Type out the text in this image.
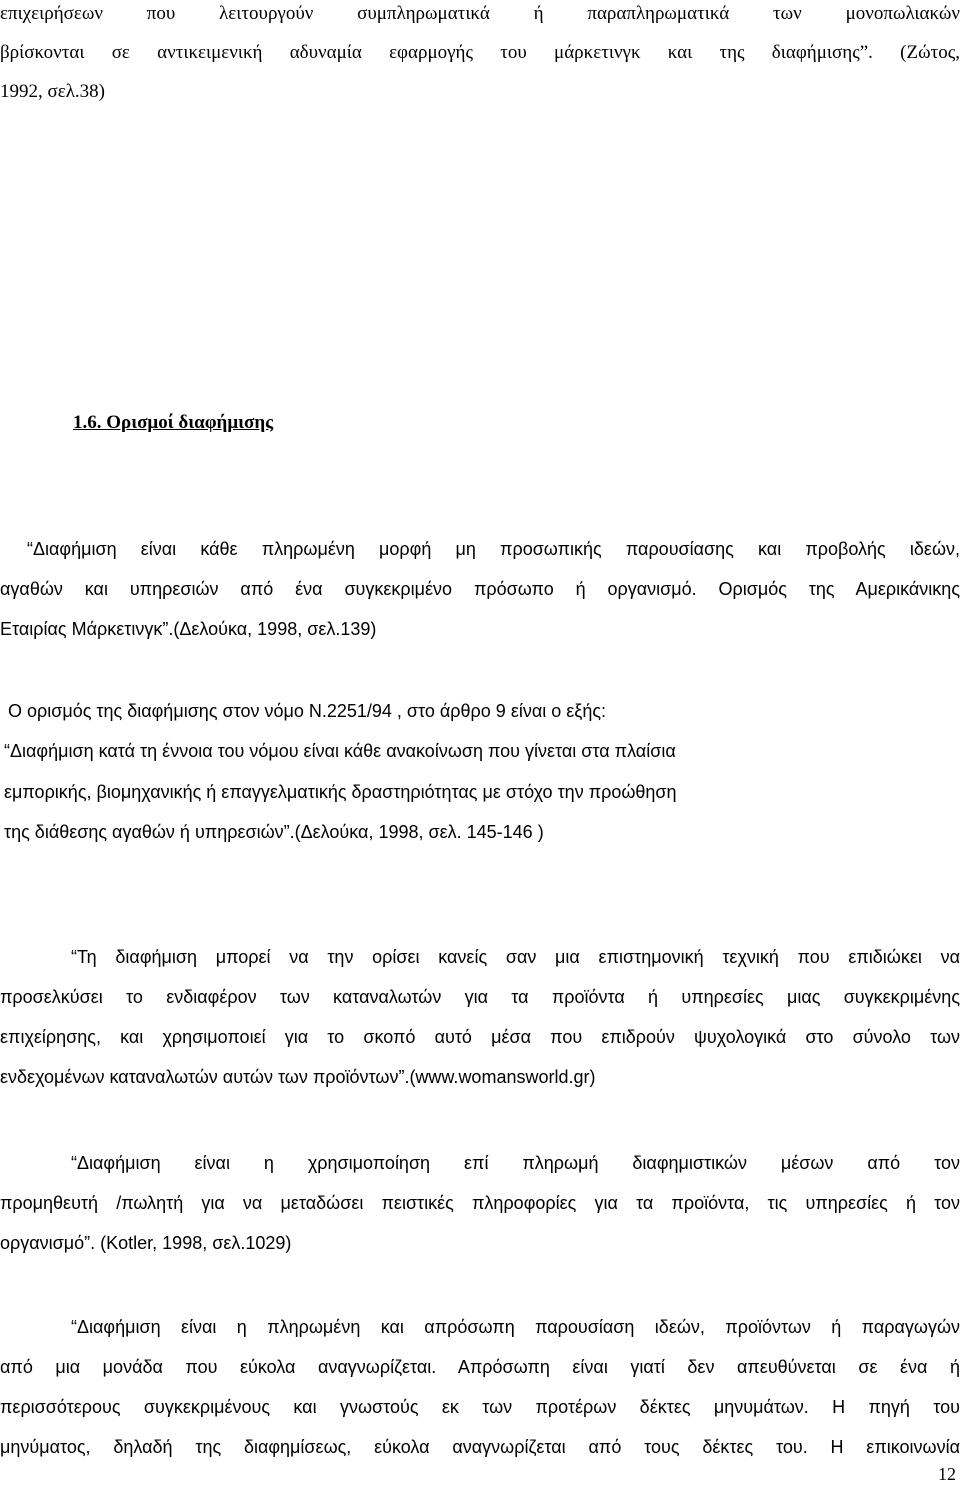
επιχειρήσεων που λειτουργούν συμπληρωματικά ή παραπληρωματικά των μονοπωλιακών
βρίσκονται σε αντικειμενική αδυναμία εφαρμογής του μάρκετινγκ και της διαφήμισης”. (Ζώτος,
1992, σελ.38)
1.6. Ορισμοί διαφήμισης
“Διαφήμιση είναι κάθε πληρωμένη μορφή μη προσωπικής παρουσίασης και προβολής ιδεών,
αγαθών και υπηρεσιών από ένα συγκεκριμένο πρόσωπο ή οργανισμό. Ορισμός της Αμερικάνικης
Εταιρίας Μάρκετινγκ”.(Δελούκα, 1998, σελ.139)
Ο ορισμός της διαφήμισης στον νόμο Ν.2251/94 , στο άρθρο 9 είναι ο εξής:
“Διαφήμιση κατά τη έννοια του νόμου είναι κάθε ανακοίνωση που γίνεται στα πλαίσια
εμπορικής, βιομηχανικής ή επαγγελματικής δραστηριότητας με στόχο την προώθηση
της διάθεσης αγαθών ή υπηρεσιών”.(Δελούκα, 1998, σελ. 145-146 )
“Τη διαφήμιση μπορεί να την ορίσει κανείς σαν μια επιστημονική τεχνική που επιδιώκει να
προσελκύσει το ενδιαφέρον των καταναλωτών για τα προϊόντα ή υπηρεσίες μιας συγκεκριμένης
επιχείρησης, και χρησιμοποιεί για το σκοπό αυτό μέσα που επιδρούν ψυχολογικά στο σύνολο των
ενδεχομένων καταναλωτών αυτών των προϊόντων”.(www.womansworld.gr)
“Διαφήμιση είναι η χρησιμοποίηση επί πληρωμή διαφημιστικών μέσων από τον
προμηθευτή /πωλητή για να μεταδώσει πειστικές πληροφορίες για τα προϊόντα, τις υπηρεσίες ή τον
οργανισμό”. (Kotler, 1998, σελ.1029)
“Διαφήμιση είναι η πληρωμένη και απρόσωπη παρουσίαση ιδεών, προϊόντων ή παραγωγών
από μια μονάδα που εύκολα αναγνωρίζεται. Απρόσωπη είναι γιατί δεν απευθύνεται σε ένα ή
περισσότερους συγκεκριμένους και γνωστούς εκ των προτέρων δέκτες μηνυμάτων. Η πηγή του
μηνύματος, δηλαδή της διαφημίσεως, εύκολα αναγνωρίζεται από τους δέκτες του. Η επικοινωνία
12
